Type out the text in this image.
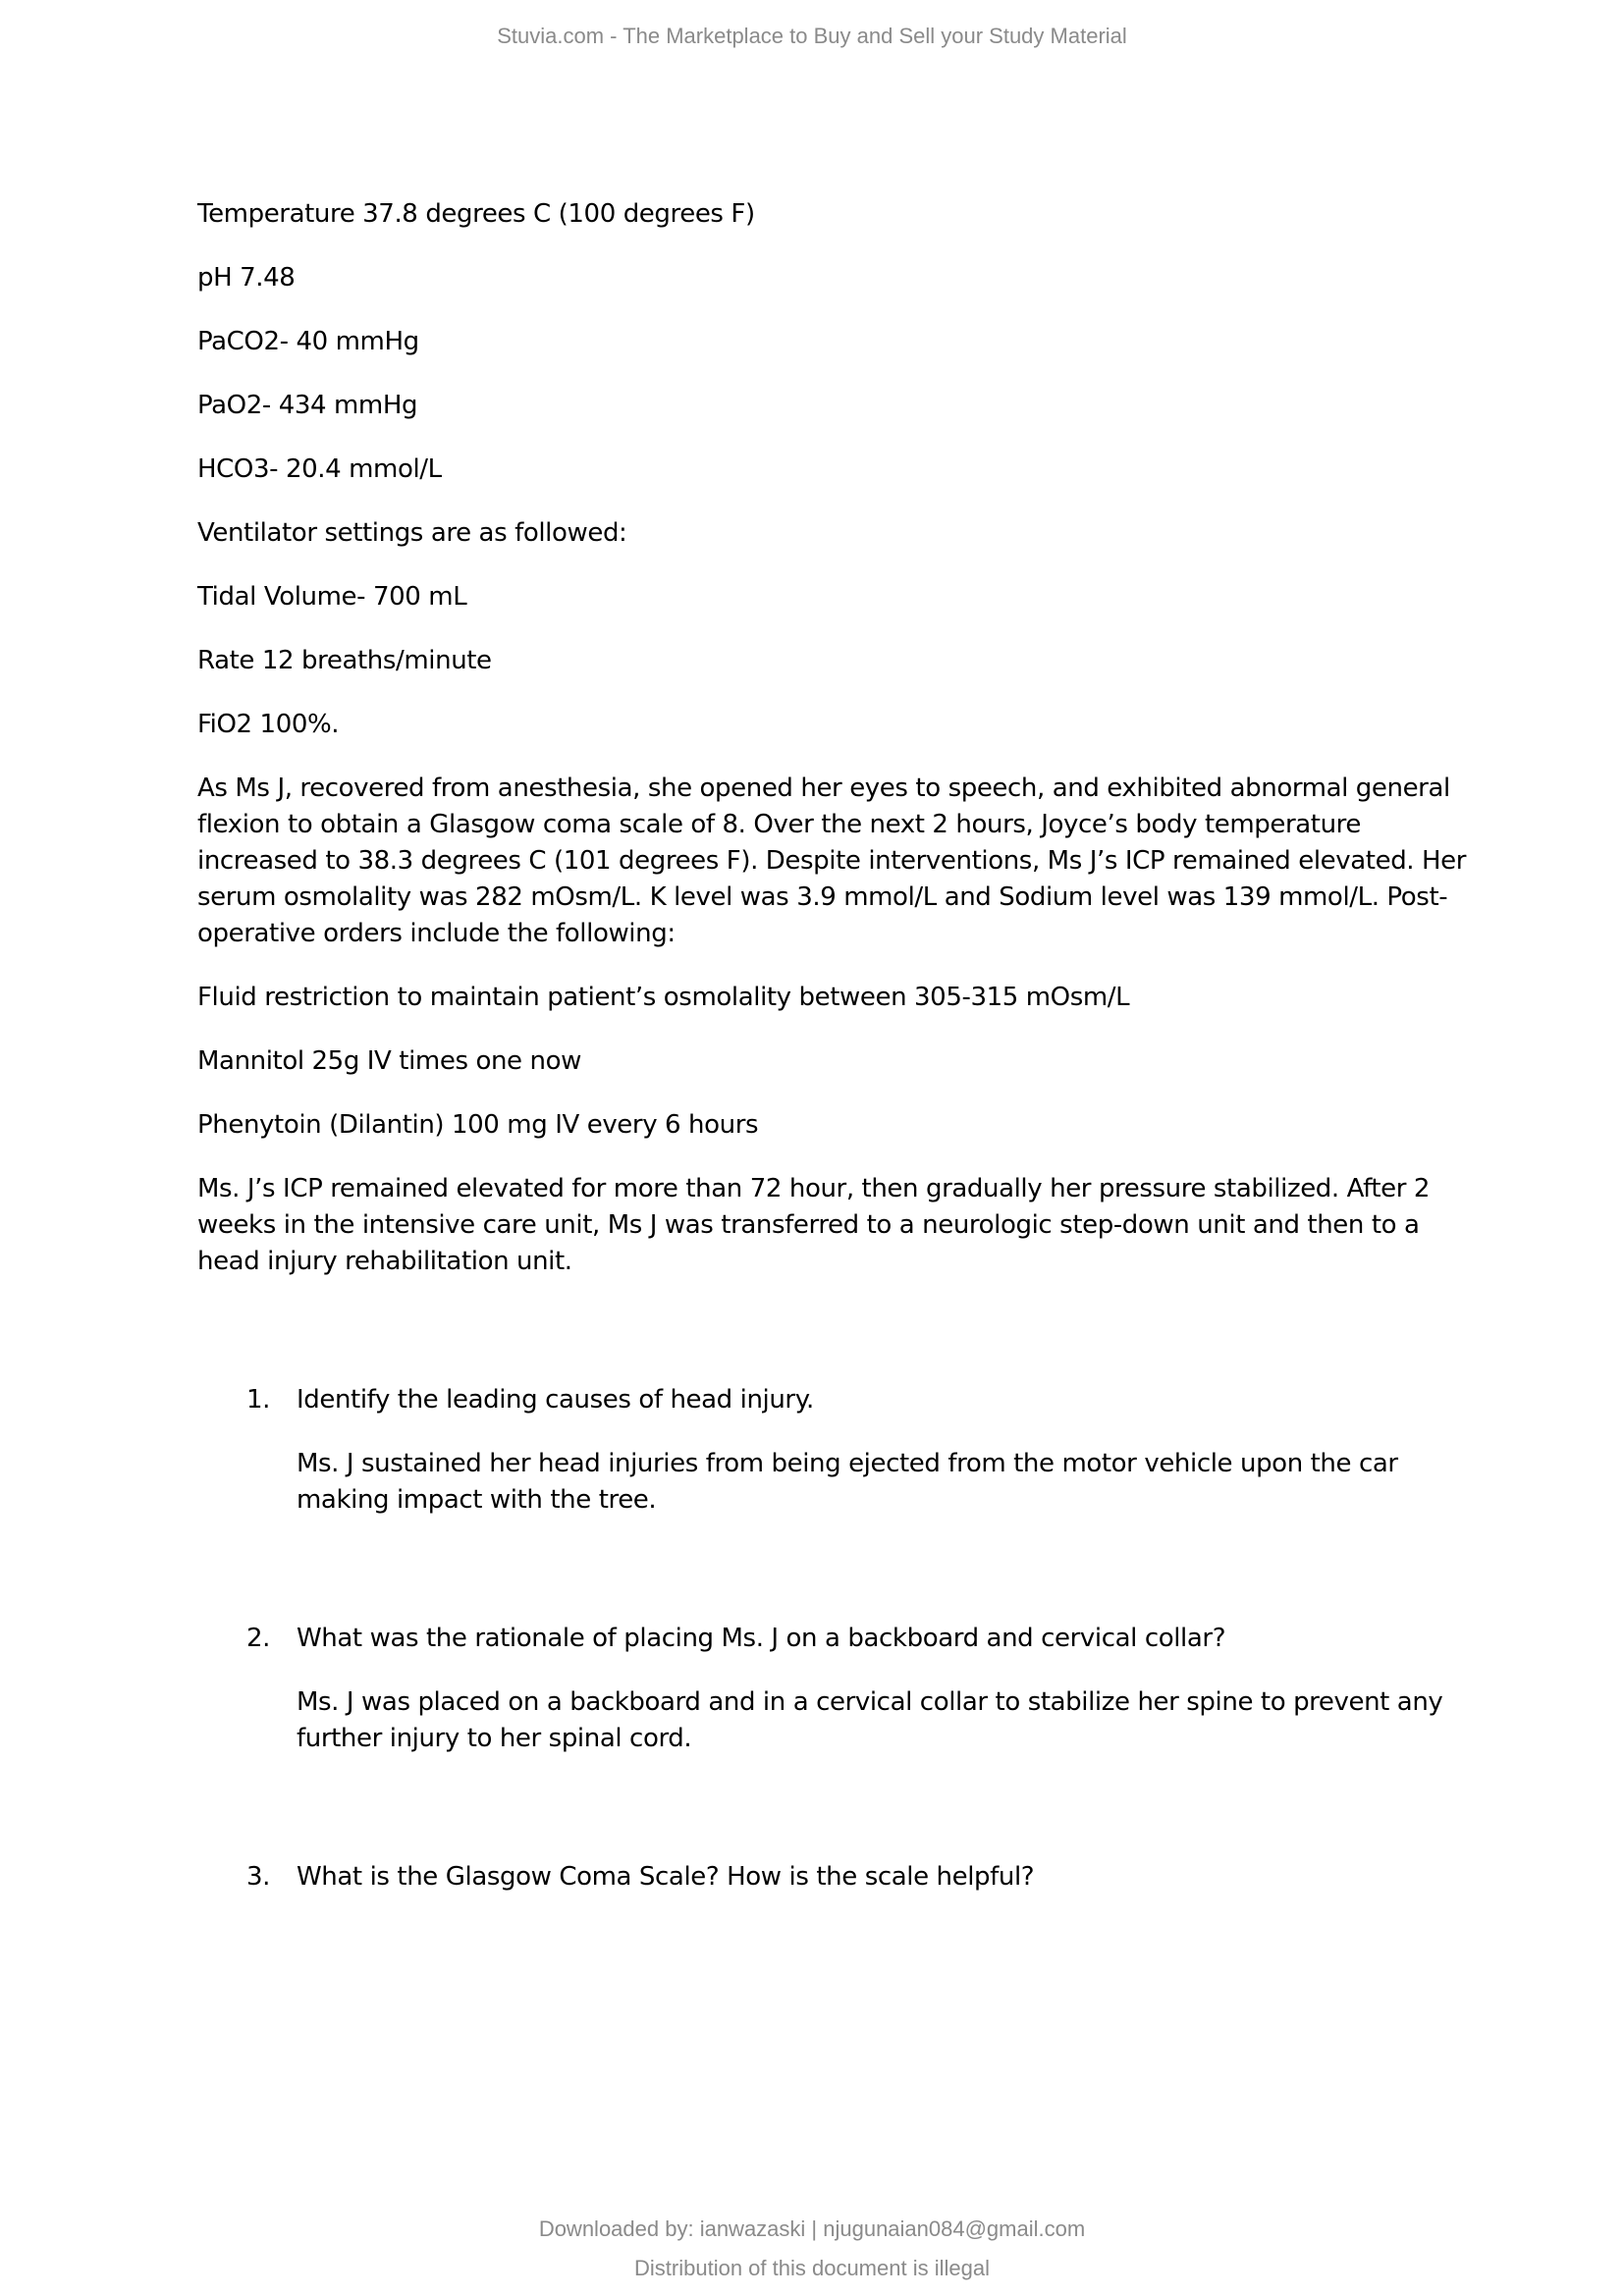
Stuvia.com - The Marketplace to Buy and Sell your Study Material

Temperature 37.8 degrees C (100 degrees F)

pH 7.48

PaCO2- 40 mmHg

PaO2- 434 mmHg

HCO3- 20.4 mmol/L

Ventilator settings are as followed:

Tidal Volume- 700 mL

Rate 12 breaths/minute

FiO2 100%.

As Ms J, recovered from anesthesia, she opened her eyes to speech, and exhibited abnormal general flexion to obtain a Glasgow coma scale of 8. Over the next 2 hours, Joyce’s body temperature increased to 38.3 degrees C (101 degrees F). Despite interventions, Ms J’s ICP remained elevated. Her serum osmolality was 282 mOsm/L. K level was 3.9 mmol/L and Sodium level was 139 mmol/L. Post-operative orders include the following:

Fluid restriction to maintain patient’s osmolality between 305-315 mOsm/L

Mannitol 25g IV times one now

Phenytoin (Dilantin) 100 mg IV every 6 hours

Ms. J’s ICP remained elevated for more than 72 hour, then gradually her pressure stabilized. After 2 weeks in the intensive care unit, Ms J was transferred to a neurologic step-down unit and then to a head injury rehabilitation unit.

1. Identify the leading causes of head injury.

Ms. J sustained her head injuries from being ejected from the motor vehicle upon the car making impact with the tree.

2. What was the rationale of placing Ms. J on a backboard and cervical collar?

Ms. J was placed on a backboard and in a cervical collar to stabilize her spine to prevent any further injury to her spinal cord.

3. What is the Glasgow Coma Scale? How is the scale helpful?

Downloaded by: ianwazaski | njugunaian084@gmail.com
Distribution of this document is illegal
